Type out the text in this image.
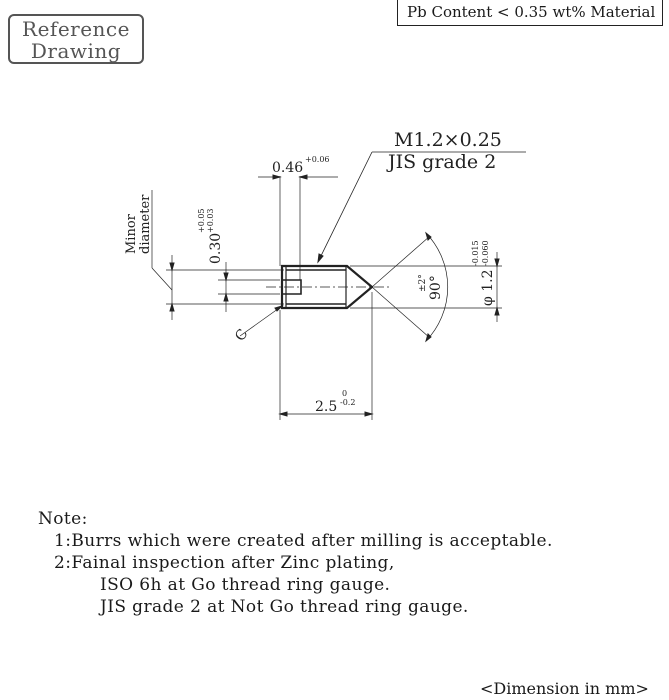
Reference
Drawing
Pb Content < 0.35 wt% Material
M1.2×0.25
JIS grade 2
0.46
+0.06
0.30
+0.05 +0.03
Minor diameter
φ 1.2
-0.015 -0.060
90°
±2°
C
2.5
0
-0.2
Note:
1:Burrs which were created after milling is acceptable.
2:Fainal inspection after Zinc plating,
ISO 6h at Go thread ring gauge.
JIS grade 2 at Not Go thread ring gauge.
<Dimension in mm>
